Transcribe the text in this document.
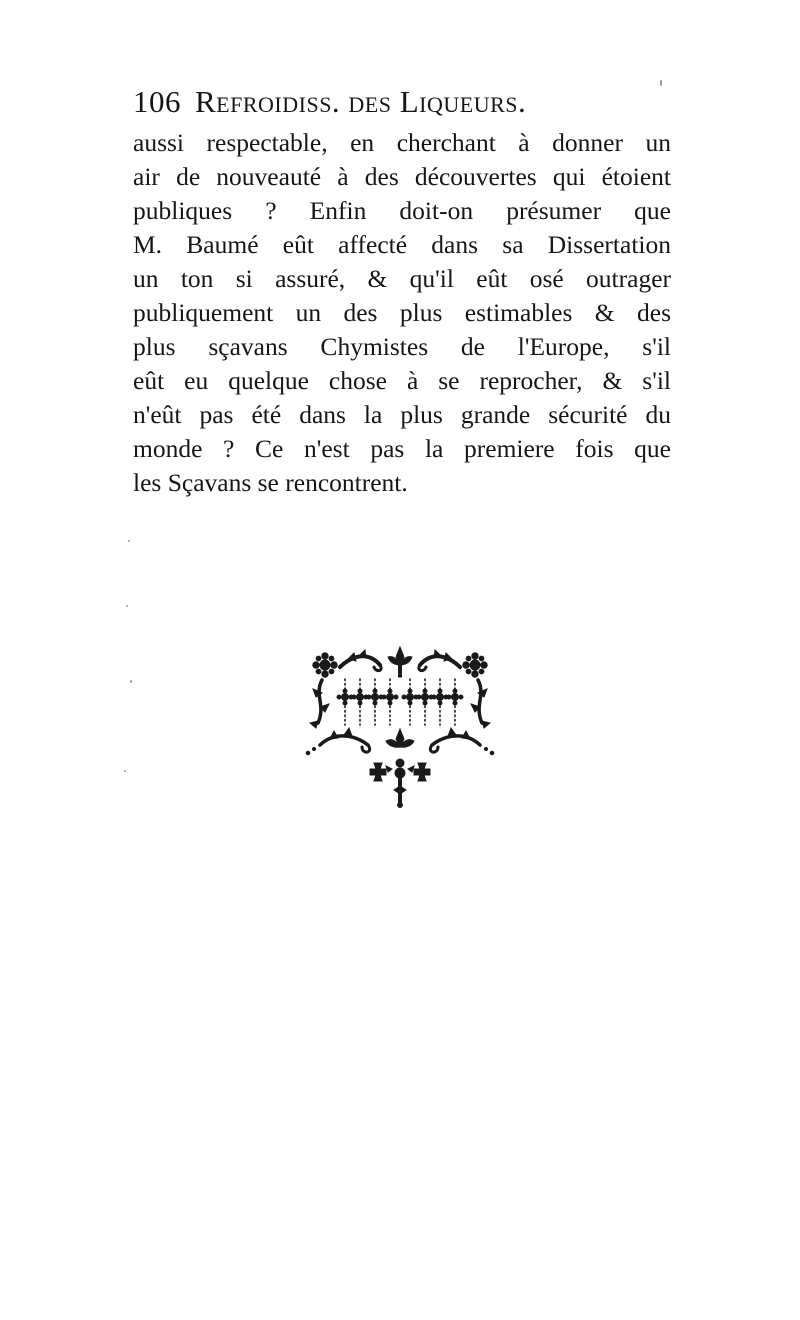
106 Refroidiss. des Liqueurs.
aussi respectable, en cherchant à donner un
air de nouveauté à des découvertes qui étoient
publiques ? Enfin doit-on présumer que
M. Baumé eût affecté dans sa Dissertation
un ton si assuré, & qu'il eût osé outrager
publiquement un des plus estimables & des
plus sçavans Chymistes de l'Europe, s'il
eût eu quelque chose à se reprocher, & s'il
n'eût pas été dans la plus grande sécurité du
monde ? Ce n'est pas la premiere fois que
les Sçavans se rencontrent.
